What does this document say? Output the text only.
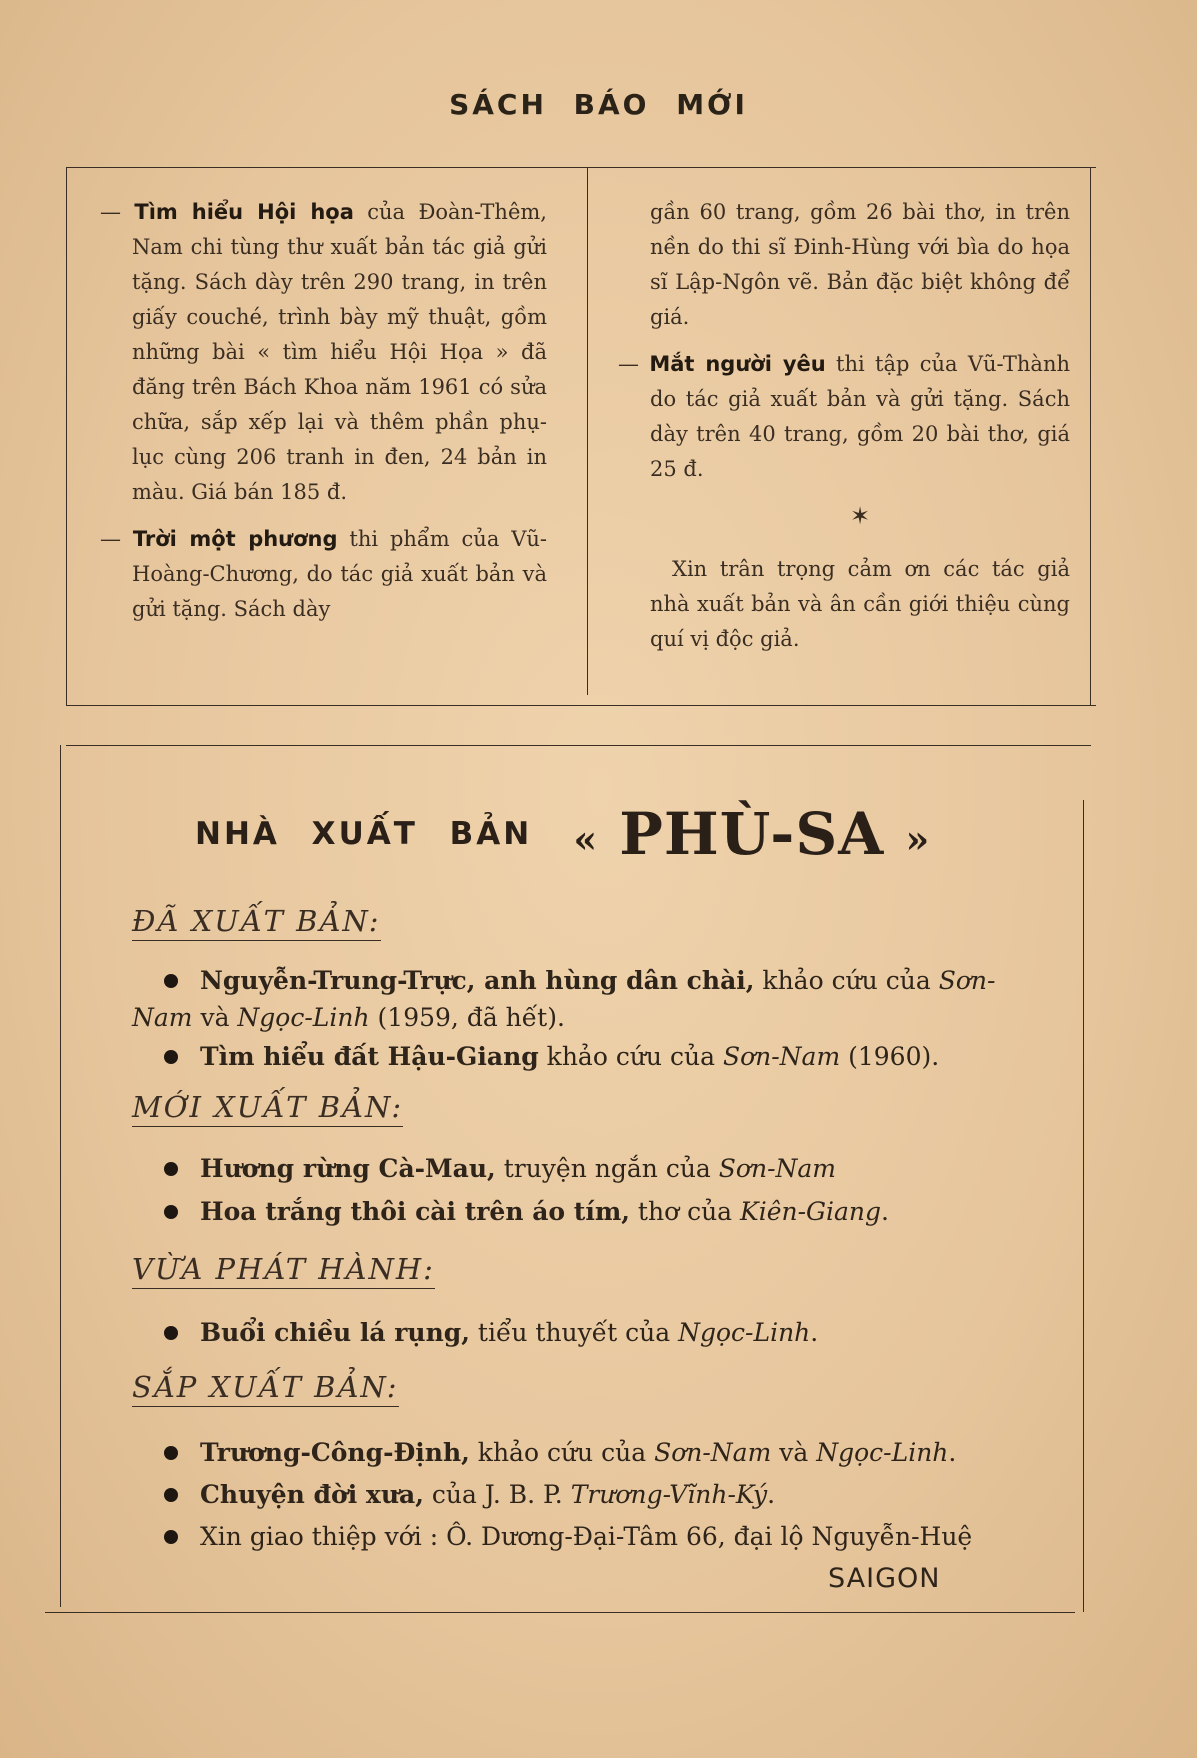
SÁCH BÁO MỚI

— Tìm hiểu Hội họa của Đoàn-Thêm, Nam chi tùng thư xuất bản tác giả gửi tặng. Sách dày trên 290 trang, in trên giấy couché, trình bày mỹ thuật, gồm những bài « tìm hiểu Hội Họa » đã đăng trên Bách Khoa năm 1961 có sửa chữa, sắp xếp lại và thêm phần phụ-lục cùng 206 tranh in đen, 24 bản in màu. Giá bán 185 đ.

— Trời một phương thi phẩm của Vũ-Hoàng-Chương, do tác giả xuất bản và gửi tặng. Sách dày

gần 60 trang, gồm 26 bài thơ, in trên nền do thi sĩ Đinh-Hùng với bìa do họa sĩ Lập-Ngôn vẽ. Bản đặc biệt không để giá.

— Mắt người yêu thi tập của Vũ-Thành do tác giả xuất bản và gửi tặng. Sách dày trên 40 trang, gồm 20 bài thơ, giá 25 đ.

✶

Xin trân trọng cảm ơn các tác giả nhà xuất bản và ân cần giới thiệu cùng quí vị độc giả.

NHÀ XUẤT BẢN « PHÙ-SA »
ĐÃ XUẤT BẢN:
Nguyễn-Trung-Trực, anh hùng dân chài, khảo cứu của Sơn-Nam và Ngọc-Linh (1959, đã hết).
Tìm hiểu đất Hậu-Giang khảo cứu của Sơn-Nam (1960).
MỚI XUẤT BẢN:
Hương rừng Cà-Mau, truyện ngắn của Sơn-Nam
Hoa trắng thôi cài trên áo tím, thơ của Kiên-Giang.
VỪA PHÁT HÀNH:
Buổi chiều lá rụng, tiểu thuyết của Ngọc-Linh.
SẮP XUẤT BẢN:
Trương-Công-Định, khảo cứu của Sơn-Nam và Ngọc-Linh.
Chuyện đời xưa, của J. B. P. Trương-Vĩnh-Ký.
Xin giao thiệp với : Ô. Dương-Đại-Tâm 66, đại lộ Nguyễn-Huệ
SAIGON
